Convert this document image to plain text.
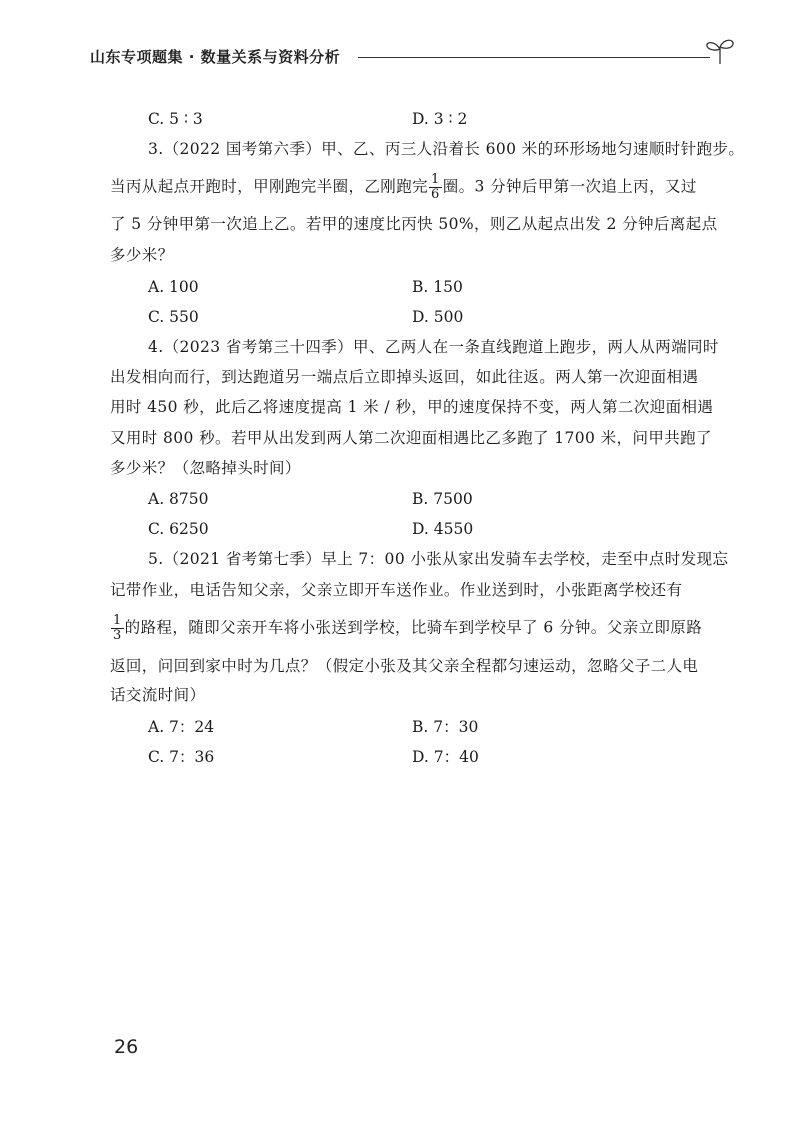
山东专项题集 · 数量关系与资料分析
C. 5 ∶ 3	D. 3 ∶ 2
3.（2022 国考第六季）甲、乙、丙三人沿着长 600 米的环形场地匀速顺时针跑步。
当丙从起点开跑时，甲刚跑完半圈，乙刚跑完 $\frac{1}{6}$ 圈。3 分钟后甲第一次追上丙，又过
了 5 分钟甲第一次追上乙。若甲的速度比丙快 50%，则乙从起点出发 2 分钟后离起点
多少米？
A. 100	B. 150
C. 550	D. 500
4.（2023 省考第三十四季）甲、乙两人在一条直线跑道上跑步，两人从两端同时
出发相向而行，到达跑道另一端点后立即掉头返回，如此往返。两人第一次迎面相遇
用时 450 秒，此后乙将速度提高 1 米 / 秒，甲的速度保持不变，两人第二次迎面相遇
又用时 800 秒。若甲从出发到两人第二次迎面相遇比乙多跑了 1700 米，问甲共跑了
多少米？（忽略掉头时间）
A. 8750	B. 7500
C. 6250	D. 4550
5.（2021 省考第七季）早上 7：00 小张从家出发骑车去学校，走至中点时发现忘
记带作业，电话告知父亲，父亲立即开车送作业。作业送到时，小张距离学校还有
$\frac{1}{3}$ 的路程，随即父亲开车将小张送到学校，比骑车到学校早了 6 分钟。父亲立即原路
返回，问回到家中时为几点？（假定小张及其父亲全程都匀速运动，忽略父子二人电
话交流时间）
A. 7：24	B. 7：30
C. 7：36	D. 7：40
26
